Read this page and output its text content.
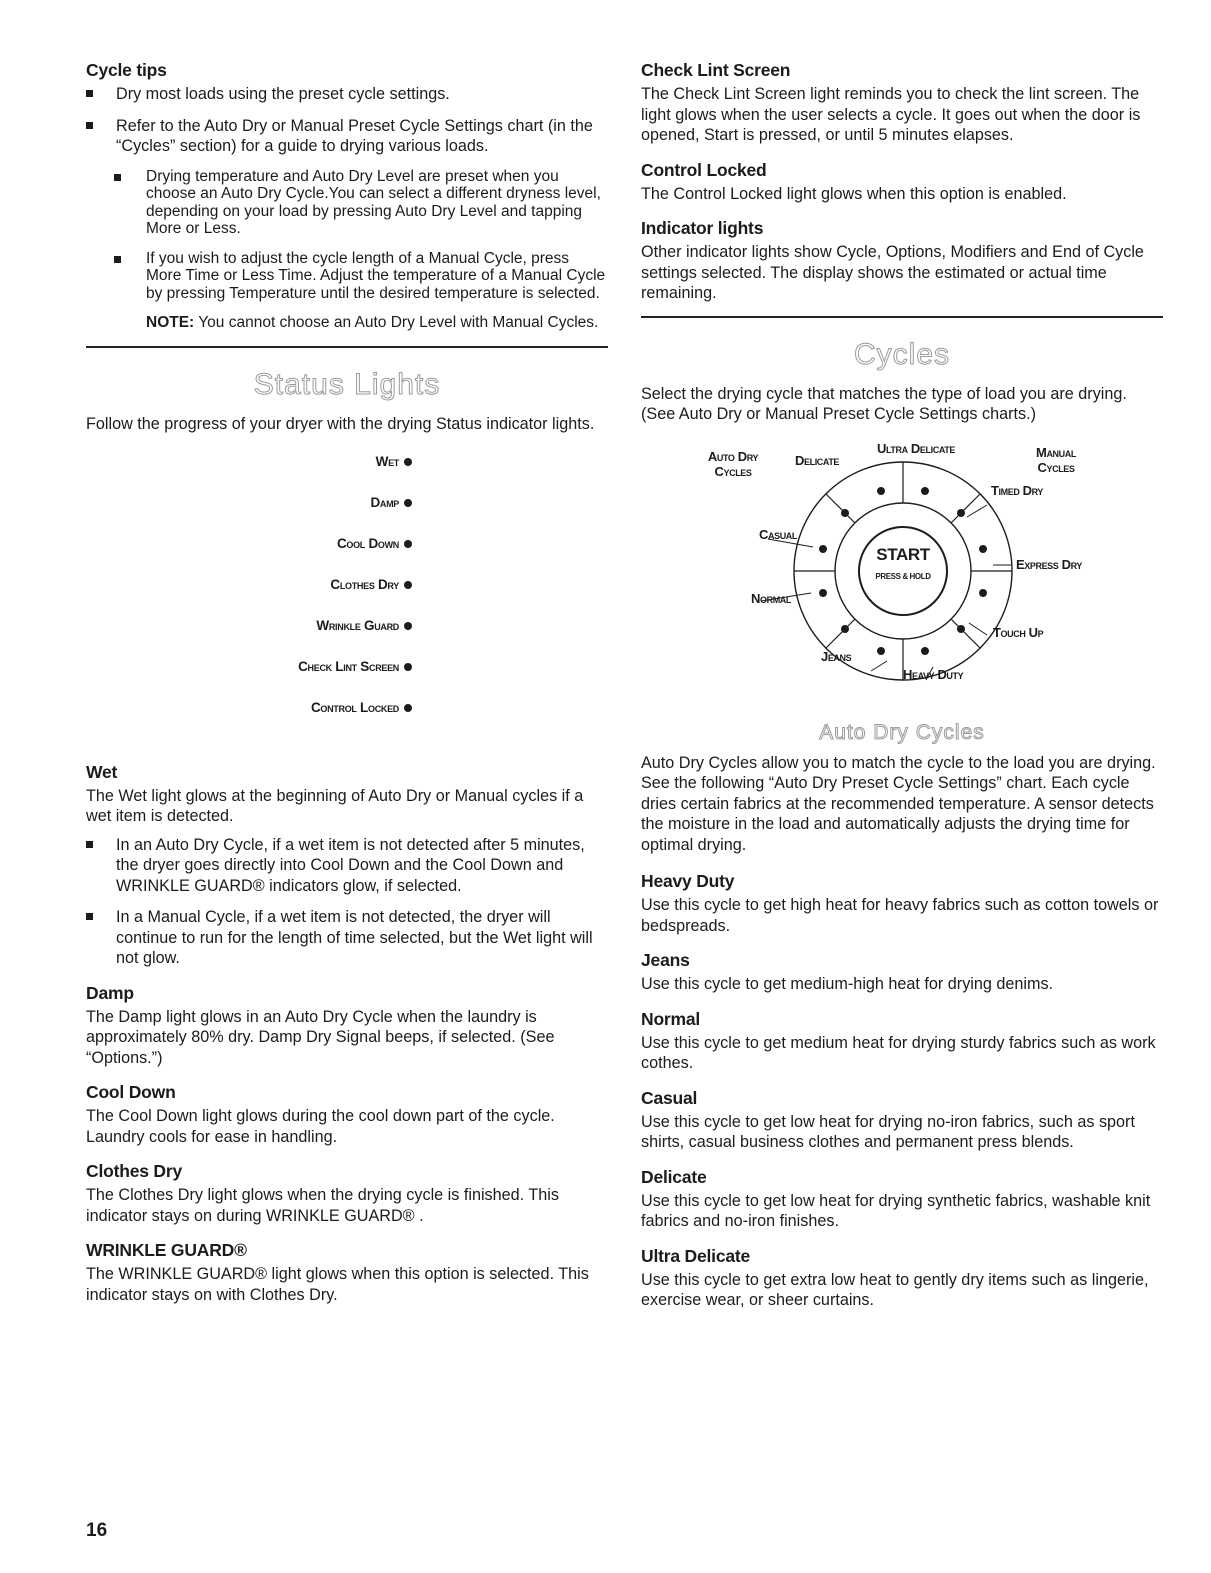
Cycle tips
Dry most loads using the preset cycle settings.
Refer to the Auto Dry or Manual Preset Cycle Settings chart (in the “Cycles” section) for a guide to drying various loads.
Drying temperature and Auto Dry Level are preset when you choose an Auto Dry Cycle.You can select a different dryness level, depending on your load by pressing Auto Dry Level and tapping More or Less.
If you wish to adjust the cycle length of a Manual Cycle, press More Time or Less Time. Adjust the temperature of a Manual Cycle by pressing Temperature until the desired temperature is selected.

NOTE: You cannot choose an Auto Dry Level with Manual Cycles.

Status Lights

Follow the progress of your dryer with the drying Status indicator lights.

Wet
Damp
Cool Down
Clothes Dry
Wrinkle Guard
Check Lint Screen
Control Locked
Wet

The Wet light glows at the beginning of Auto Dry or Manual cycles if a wet item is detected.

In an Auto Dry Cycle, if a wet item is not detected after 5 minutes, the dryer goes directly into Cool Down and the Cool Down and WRINKLE GUARD® indicators glow, if selected.
In a Manual Cycle, if a wet item is not detected, the dryer will continue to run for the length of time selected, but the Wet light will not glow.
Damp

The Damp light glows in an Auto Dry Cycle when the laundry is approximately 80% dry. Damp Dry Signal beeps, if selected. (See “Options.”)

Cool Down

The Cool Down light glows during the cool down part of the cycle. Laundry cools for ease in handling.

Clothes Dry

The Clothes Dry light glows when the drying cycle is finished. This indicator stays on during WRINKLE GUARD® .

WRINKLE GUARD®

The WRINKLE GUARD® light glows when this option is selected. This indicator stays on with Clothes Dry.

Check Lint Screen

The Check Lint Screen light reminds you to check the lint screen. The light glows when the user selects a cycle. It goes out when the door is opened, Start is pressed, or until 5 minutes elapses.

Control Locked

The Control Locked light glows when this option is enabled.

Indicator lights

Other indicator lights show Cycle, Options, Modifiers and End of Cycle settings selected. The display shows the estimated or actual time remaining.

Cycles

Select the drying cycle that matches the type of load you are drying. (See Auto Dry or Manual Preset Cycle Settings charts.)

Auto Dry
Cycles
Delicate
Ultra Delicate	Manual
Cycles
Timed Dry
Casual
Express Dry
Normal
Touch Up
Jeans
Heavy Duty
START
PRESS & HOLD
Auto Dry Cycles

Auto Dry Cycles allow you to match the cycle to the load you are drying. See the following “Auto Dry Preset Cycle Settings” chart. Each cycle dries certain fabrics at the recommended temperature. A sensor detects the moisture in the load and automatically adjusts the drying time for optimal drying.

Heavy Duty

Use this cycle to get high heat for heavy fabrics such as cotton towels or bedspreads.

Jeans

Use this cycle to get medium-high heat for drying denims.

Normal

Use this cycle to get medium heat for drying sturdy fabrics such as work cothes.

Casual

Use this cycle to get low heat for drying no-iron fabrics, such as sport shirts, casual business clothes and permanent press blends.

Delicate

Use this cycle to get low heat for drying synthetic fabrics, washable knit fabrics and no-iron finishes.

Ultra Delicate

Use this cycle to get extra low heat to gently dry items such as lingerie, exercise wear, or sheer curtains.

16
